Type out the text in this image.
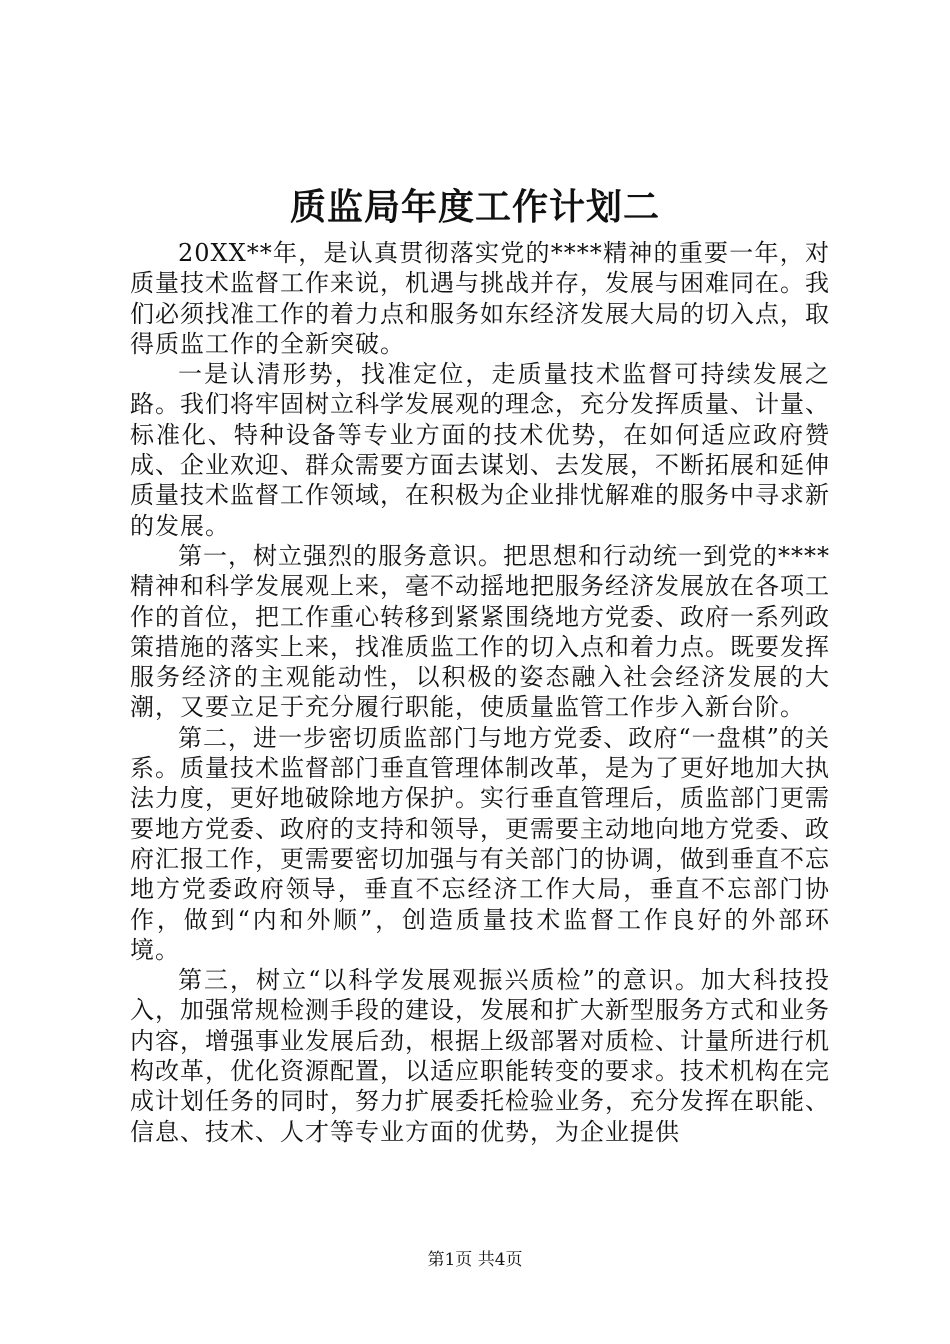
质监局年度工作计划二

20XX**年，是认真贯彻落实党的****精神的重要一年，对质量技术监督工作来说，机遇与挑战并存，发展与困难同在。我们必须找准工作的着力点和服务如东经济发展大局的切入点，取得质监工作的全新突破。

一是认清形势，找准定位，走质量技术监督可持续发展之路。我们将牢固树立科学发展观的理念，充分发挥质量、计量、标准化、特种设备等专业方面的技术优势，在如何适应政府赞成、企业欢迎、群众需要方面去谋划、去发展，不断拓展和延伸质量技术监督工作领域，在积极为企业排忧解难的服务中寻求新的发展。

第一，树立强烈的服务意识。把思想和行动统一到党的****精神和科学发展观上来，毫不动摇地把服务经济发展放在各项工作的首位，把工作重心转移到紧紧围绕地方党委、政府一系列政策措施的落实上来，找准质监工作的切入点和着力点。既要发挥服务经济的主观能动性，以积极的姿态融入社会经济发展的大潮，又要立足于充分履行职能，使质量监管工作步入新台阶。

第二，进一步密切质监部门与地方党委、政府“一盘棋”的关系。质量技术监督部门垂直管理体制改革，是为了更好地加大执法力度，更好地破除地方保护。实行垂直管理后，质监部门更需要地方党委、政府的支持和领导，更需要主动地向地方党委、政府汇报工作，更需要密切加强与有关部门的协调，做到垂直不忘地方党委政府领导，垂直不忘经济工作大局，垂直不忘部门协作，做到“内和外顺”，创造质量技术监督工作良好的外部环境。

第三，树立“以科学发展观振兴质检”的意识。加大科技投入，加强常规检测手段的建设，发展和扩大新型服务方式和业务内容，增强事业发展后劲，根据上级部署对质检、计量所进行机构改革，优化资源配置，以适应职能转变的要求。技术机构在完成计划任务的同时，努力扩展委托检验业务，充分发挥在职能、信息、技术、人才等专业方面的优势，为企业提供

第1页 共4页
